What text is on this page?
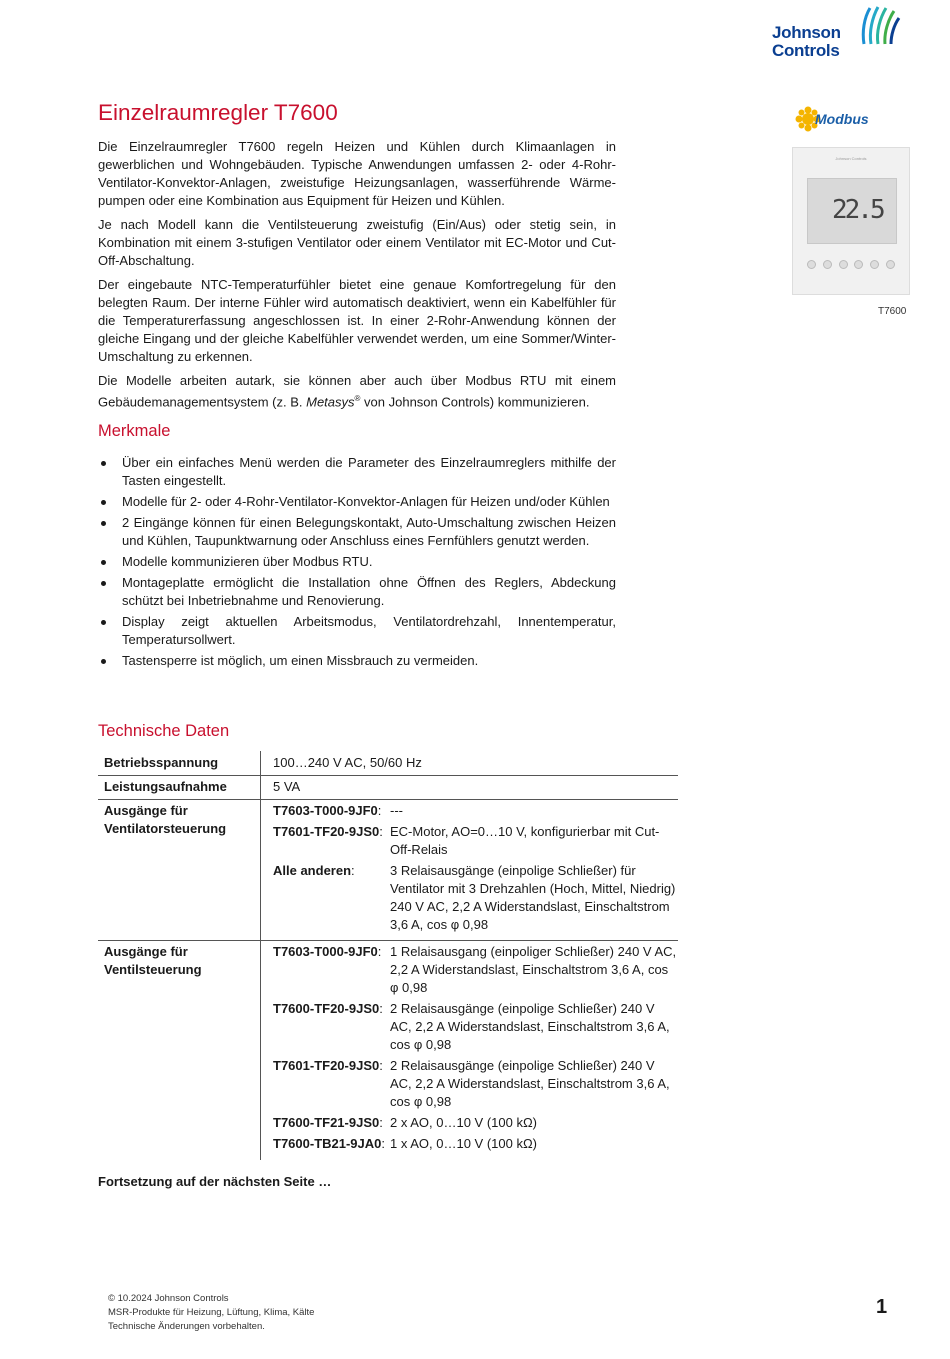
Johnson
Controls
Einzelraumregler T7600

Die Einzelraumregler T7600 regeln Heizen und Kühlen durch Klimaanlagen in gewerblichen und Wohngebäuden. Typische Anwendungen umfassen 2- oder 4-Rohr-Ventilator-Konvektor-Anlagen, zweistufige Heizungsanlagen, wasserführende Wärme-pumpen oder eine Kombination aus Equipment für Heizen und Kühlen.

Je nach Modell kann die Ventilsteuerung zweistufig (Ein/Aus) oder stetig sein, in Kombination mit einem 3-stufigen Ventilator oder einem Ventilator mit EC-Motor und Cut-Off-Abschaltung.

Der eingebaute NTC-Temperaturfühler bietet eine genaue Komfortregelung für den belegten Raum. Der interne Fühler wird automatisch deaktiviert, wenn ein Kabelfühler für die Temperaturerfassung angeschlossen ist. In einer 2-Rohr-Anwendung können der gleiche Eingang und der gleiche Kabelfühler verwendet werden, um eine Sommer/Winter-Umschaltung zu erkennen.

Die Modelle arbeiten autark, sie können aber auch über Modbus RTU mit einem Gebäudemanagementsystem (z. B. Metasys® von Johnson Controls) kommunizieren.

Merkmale
Über ein einfaches Menü werden die Parameter des Einzelraumreglers mithilfe der Tasten eingestellt.
Modelle für 2- oder 4-Rohr-Ventilator-Konvektor-Anlagen für Heizen und/oder Kühlen
2 Eingänge können für einen Belegungskontakt, Auto-Umschaltung zwischen Heizen und Kühlen, Taupunktwarnung oder Anschluss eines Fernfühlers genutzt werden.
Modelle kommunizieren über Modbus RTU.
Montageplatte ermöglicht die Installation ohne Öffnen des Reglers, Abdeckung schützt bei Inbetriebnahme und Renovierung.
Display zeigt aktuellen Arbeitsmodus, Ventilatordrehzahl, Innentemperatur, Temperatursollwert.
Tastensperre ist möglich, um einen Missbrauch zu vermeiden.
Technische Daten
Betriebsspannung	100…240 V AC, 50/60 Hz
Leistungsaufnahme	5 VA
Ausgänge für Ventilatorsteuerung
T7603-T000-9JF0: ---
T7601-TF20-9JS0: EC-Motor, AO=0…10 V, konfigurierbar mit Cut-Off-Relais
Alle anderen:	3 Relaisausgänge (einpolige Schließer) für Ventilator mit 3 Drehzahlen (Hoch, Mittel, Niedrig) 240 V AC, 2,2 A Widerstandslast, Einschaltstrom 3,6 A, cos φ 0,98
Ausgänge für Ventilsteuerung
T7603-T000-9JF0: 1 Relaisausgang (einpoliger Schließer) 240 V AC, 2,2 A Widerstandslast, Einschaltstrom 3,6 A, cos φ 0,98
T7600-TF20-9JS0: 2 Relaisausgänge (einpolige Schließer) 240 V AC, 2,2 A Widerstandslast, Einschaltstrom 3,6 A, cos φ 0,98
T7601-TF20-9JS0: 2 Relaisausgänge (einpolige Schließer) 240 V AC, 2,2 A Widerstandslast, Einschaltstrom 3,6 A, cos φ 0,98
T7600-TF21-9JS0: 2 x AO, 0…10 V (100 kΩ)
T7600-TB21-9JA0: 1 x AO, 0…10 V (100 kΩ)
Fortsetzung auf der nächsten Seite …
Modbus
Johnson Controls
22.5
T7600
© 10.2024 Johnson Controls
MSR-Produkte für Heizung, Lüftung, Klima, Kälte
Technische Änderungen vorbehalten.
1
